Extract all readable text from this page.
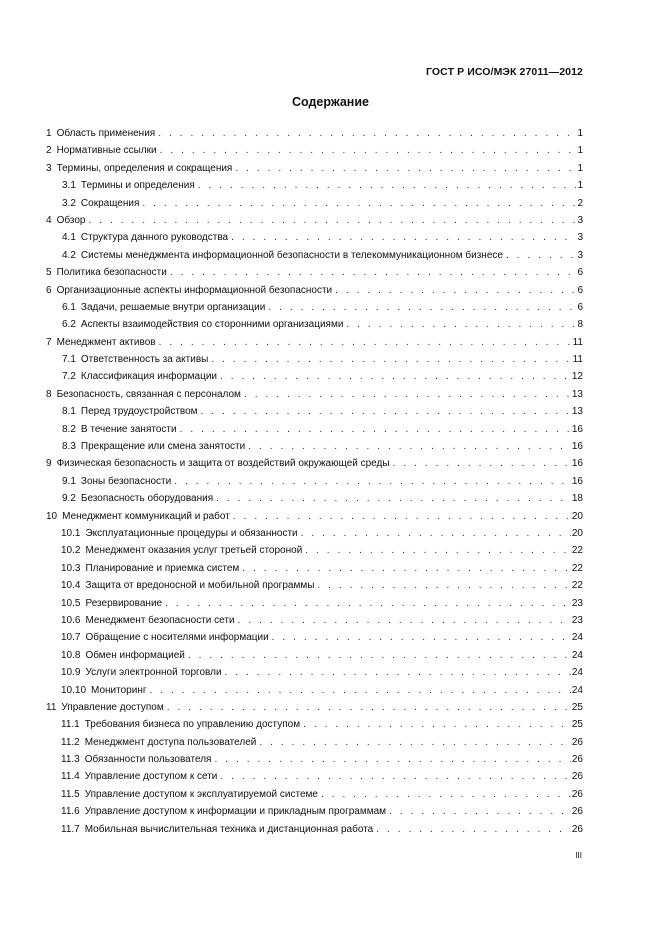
ГОСТ Р ИСО/МЭК 27011—2012
Содержание
1 Область применения . . .	1
2 Нормативные ссылки . . .	1
3 Термины, определения и сокращения . . .	1
3.1 Термины и определения . . .	1
3.2 Сокращения . . .	2
4 Обзор . . .	3
4.1 Структура данного руководства . . .	3
4.2 Системы менеджмента информационной безопасности в телекоммуникационном бизнесе . . .	3
5 Политика безопасности . . .	6
6 Организационные аспекты информационной безопасности . . .	6
6.1 Задачи, решаемые внутри организации . . .	6
6.2 Аспекты взаимодействия со сторонними организациями . . .	8
7 Менеджмент активов . . .	11
7.1 Ответственность за активы . . .	11
7.2 Классификация информации . . .	12
8 Безопасность, связанная с персоналом . . .	13
8.1 Перед трудоустройством . . .	13
8.2 В течение занятости . . .	16
8.3 Прекращение или смена занятости . . .	16
9 Физическая безопасность и защита от воздействий окружающей среды . . .	16
9.1 Зоны безопасности . . .	16
9.2 Безопасность оборудования . . .	18
10 Менеджмент коммуникаций и работ . . .	20
10.1 Эксплуатационные процедуры и обязанности . . .	20
10.2 Менеджмент оказания услуг третьей стороной . . .	22
10.3 Планирование и приемка систем . . .	22
10.4 Защита от вредоносной и мобильной программы . . .	22
10.5 Резервирование . . .	23
10.6 Менеджмент безопасности сети . . .	23
10.7 Обращение с носителями информации . . .	24
10.8 Обмен информацией . . .	24
10.9 Услуги электронной торговли . . .	24
10.10 Мониторинг . . .	24
11 Управление доступом . . .	25
11.1 Требования бизнеса по управлению доступом . . .	25
11.2 Менеджмент доступа пользователей . . .	26
11.3 Обязанности пользователя . . .	26
11.4 Управление доступом к сети . . .	26
11.5 Управление доступом к эксплуатируемой системе . . .	26
11.6 Управление доступом к информации и прикладным программам . . .	26
11.7 Мобильная вычислительная техника и дистанционная работа . . .	26
III
